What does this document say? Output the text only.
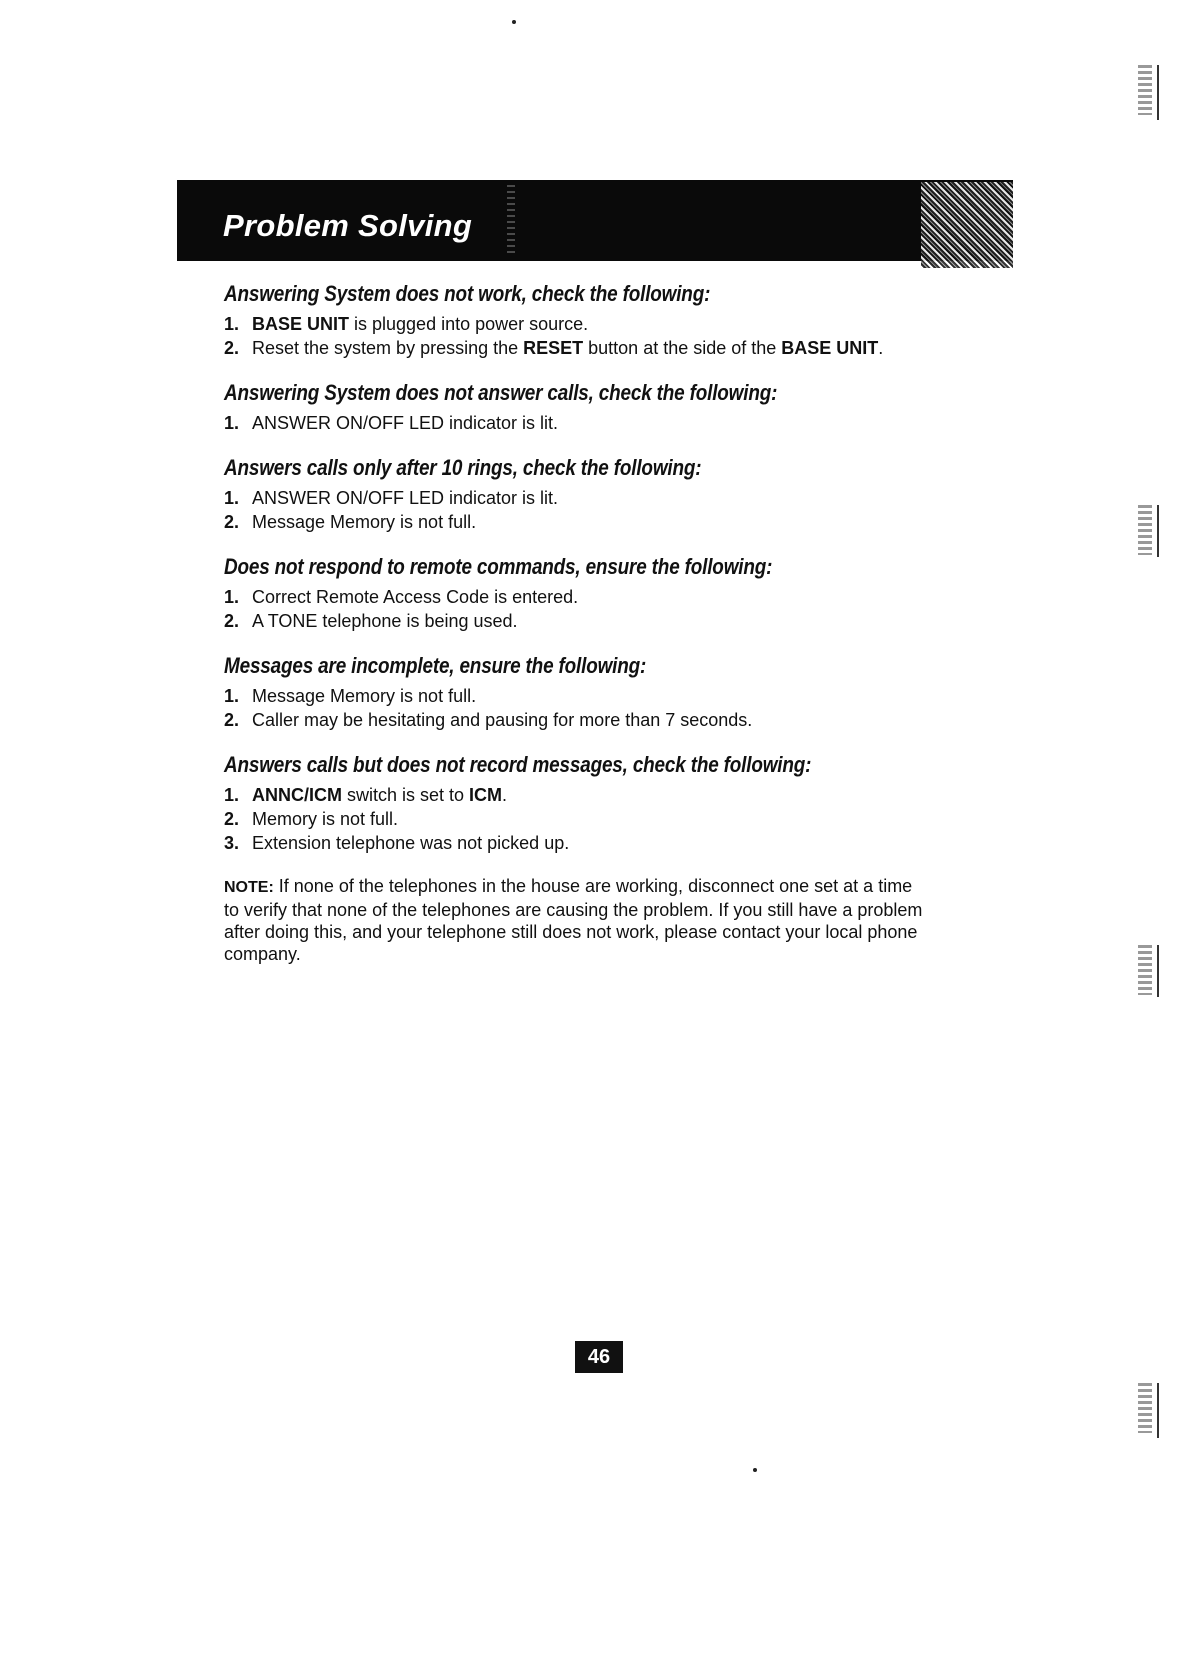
Problem Solving
Answering System does not work, check the following:
1. BASE UNIT is plugged into power source.
2. Reset the system by pressing the RESET button at the side of the BASE UNIT.
Answering System does not answer calls, check the following:
1. ANSWER ON/OFF LED indicator is lit.
Answers calls only after 10 rings, check the following:
1. ANSWER ON/OFF LED indicator is lit.
2. Message Memory is not full.
Does not respond to remote commands, ensure the following:
1. Correct Remote Access Code is entered.
2. A TONE telephone is being used.
Messages are incomplete, ensure the following:
1. Message Memory is not full.
2. Caller may be hesitating and pausing for more than 7 seconds.
Answers calls but does not record messages, check the following:
1. ANNC/ICM switch is set to ICM.
2. Memory is not full.
3. Extension telephone was not picked up.
NOTE: If none of the telephones in the house are working, disconnect one set at a time to verify that none of the telephones are causing the problem. If you still have a problem after doing this, and your telephone still does not work, please contact your local phone company.
46
